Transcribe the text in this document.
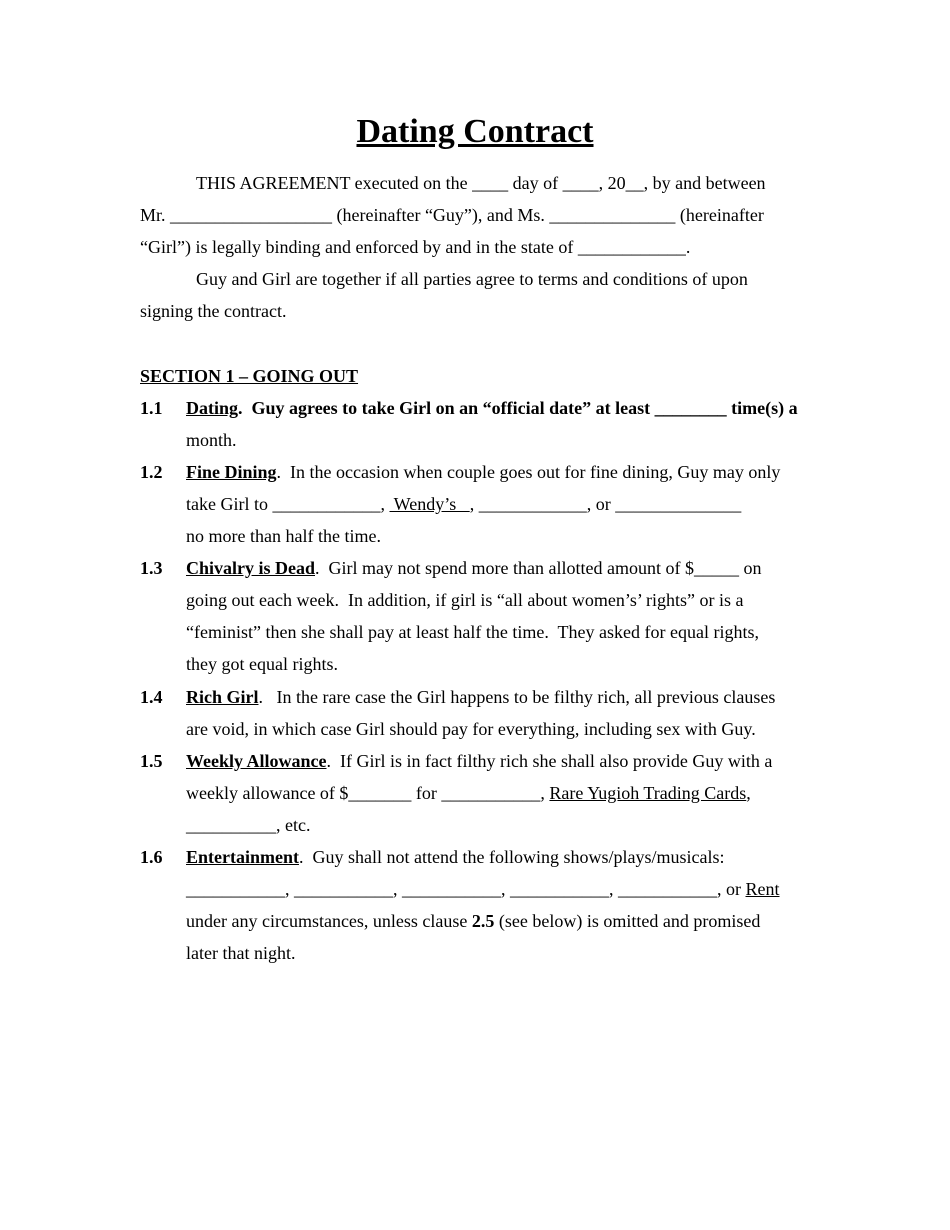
Dating Contract
THIS AGREEMENT executed on the ____ day of ____, 20__, by and between
Mr. __________________ (hereinafter “Guy”), and Ms. ______________ (hereinafter
“Girl”) is legally binding and enforced by and in the state of ____________.
Guy and Girl are together if all parties agree to terms and conditions of upon
signing the contract.
SECTION 1 – GOING OUT
1.1 Dating.  Guy agrees to take Girl on an “official date” at least ________ time(s) a
month.
1.2 Fine Dining.  In the occasion when couple goes out for fine dining, Guy may only
take Girl to ____________,  Wendy’s   , ____________, or ______________
no more than half the time.
1.3 Chivalry is Dead.  Girl may not spend more than allotted amount of $_____ on
going out each week.  In addition, if girl is “all about women’s’ rights” or is a
“feminist” then she shall pay at least half the time.  They asked for equal rights,
they got equal rights.
1.4 Rich Girl.   In the rare case the Girl happens to be filthy rich, all previous clauses
are void, in which case Girl should pay for everything, including sex with Guy.
1.5 Weekly Allowance.  If Girl is in fact filthy rich she shall also provide Guy with a
weekly allowance of $_______ for ___________, Rare Yugioh Trading Cards,
__________, etc.
1.6 Entertainment.  Guy shall not attend the following shows/plays/musicals:
___________, ___________, ___________, ___________, ___________, or Rent
under any circumstances, unless clause 2.5 (see below) is omitted and promised
later that night.
